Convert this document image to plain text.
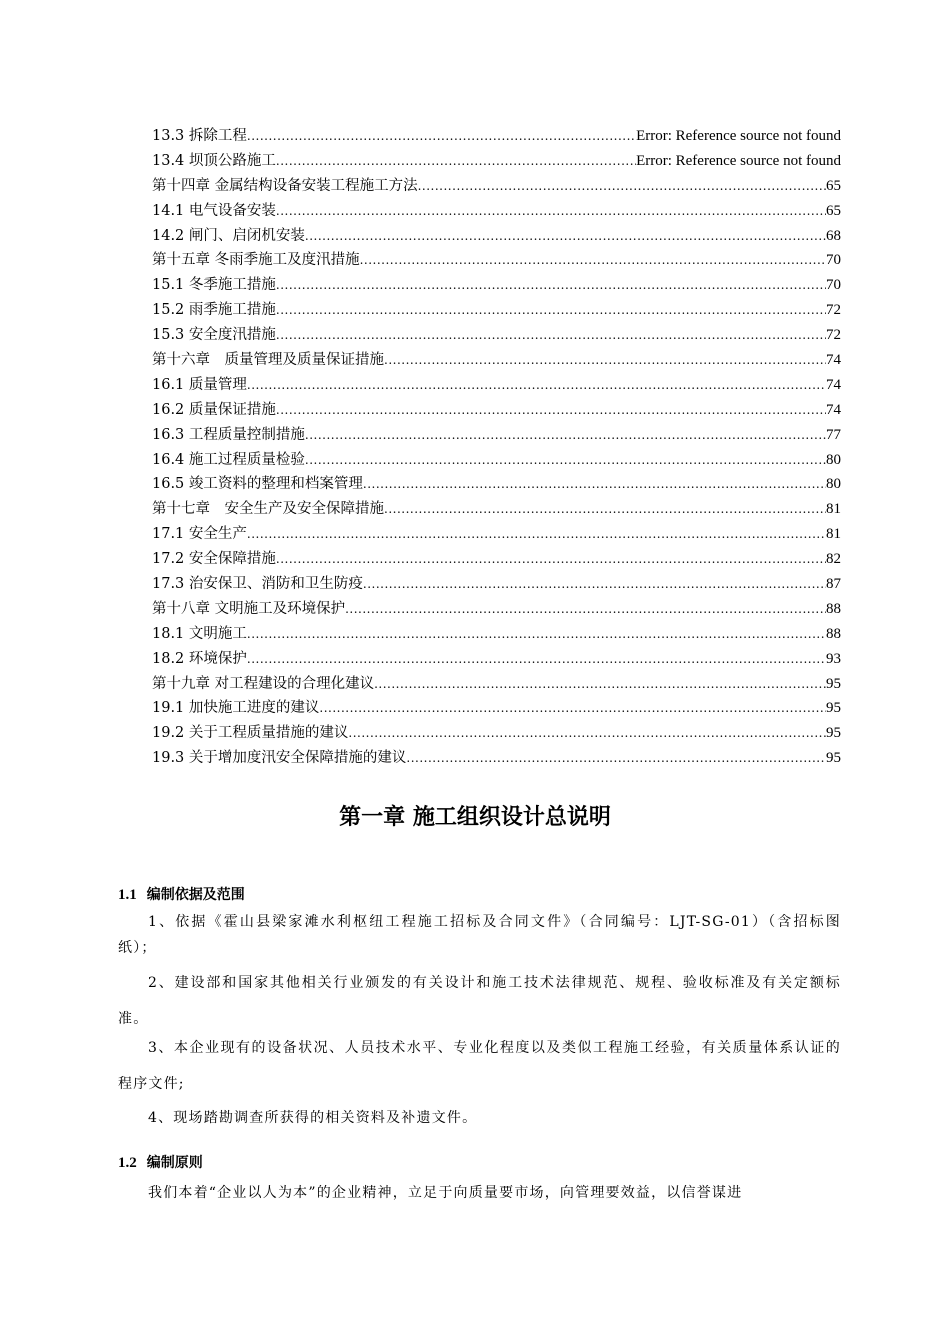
13.3 拆除工程 .....	Error: Reference source not found
13.4 坝顶公路施工 .....	Error: Reference source not found
第十四章 金属结构设备安装工程施工方法 .....	65
14.1 电气设备安装 .....	65
14.2 闸门、启闭机安装 .....	68
第十五章 冬雨季施工及度汛措施 .....	70
15.1 冬季施工措施 .....	70
15.2 雨季施工措施 .....	72
15.3 安全度汛措施 .....	72
第十六章　质量管理及质量保证措施 .....	74
16.1 质量管理 .....	74
16.2 质量保证措施 .....	74
16.3 工程质量控制措施 .....	77
16.4 施工过程质量检验 .....	80
16.5 竣工资料的整理和档案管理 .....	80
第十七章　安全生产及安全保障措施 .....	81
17.1 安全生产 .....	81
17.2 安全保障措施 .....	82
17.3 治安保卫、消防和卫生防疫 .....	87
第十八章 文明施工及环境保护 .....	88
18.1 文明施工 .....	88
18.2 环境保护 .....	93
第十九章 对工程建设的合理化建议 .....	95
19.1 加快施工进度的建议 .....	95
19.2 关于工程质量措施的建议 .....	95
19.3 关于增加度汛安全保障措施的建议 .....	95
第一章 施工组织设计总说明
1.1 编制依据及范围

1、依据《霍山县梁家滩水利枢纽工程施工招标及合同文件》（合同编号：LJT-SG-01）（含招标图纸）；

2、建设部和国家其他相关行业颁发的有关设计和施工技术法律规范、规程、验收标准及有关定额标准。

3、本企业现有的设备状况、人员技术水平、专业化程度以及类似工程施工经验，有关质量体系认证的程序文件;

4、现场踏勘调查所获得的相关资料及补遗文件。

1.2 编制原则

我们本着“企业以人为本”的企业精神，立足于向质量要市场，向管理要效益，以信誉谋进
